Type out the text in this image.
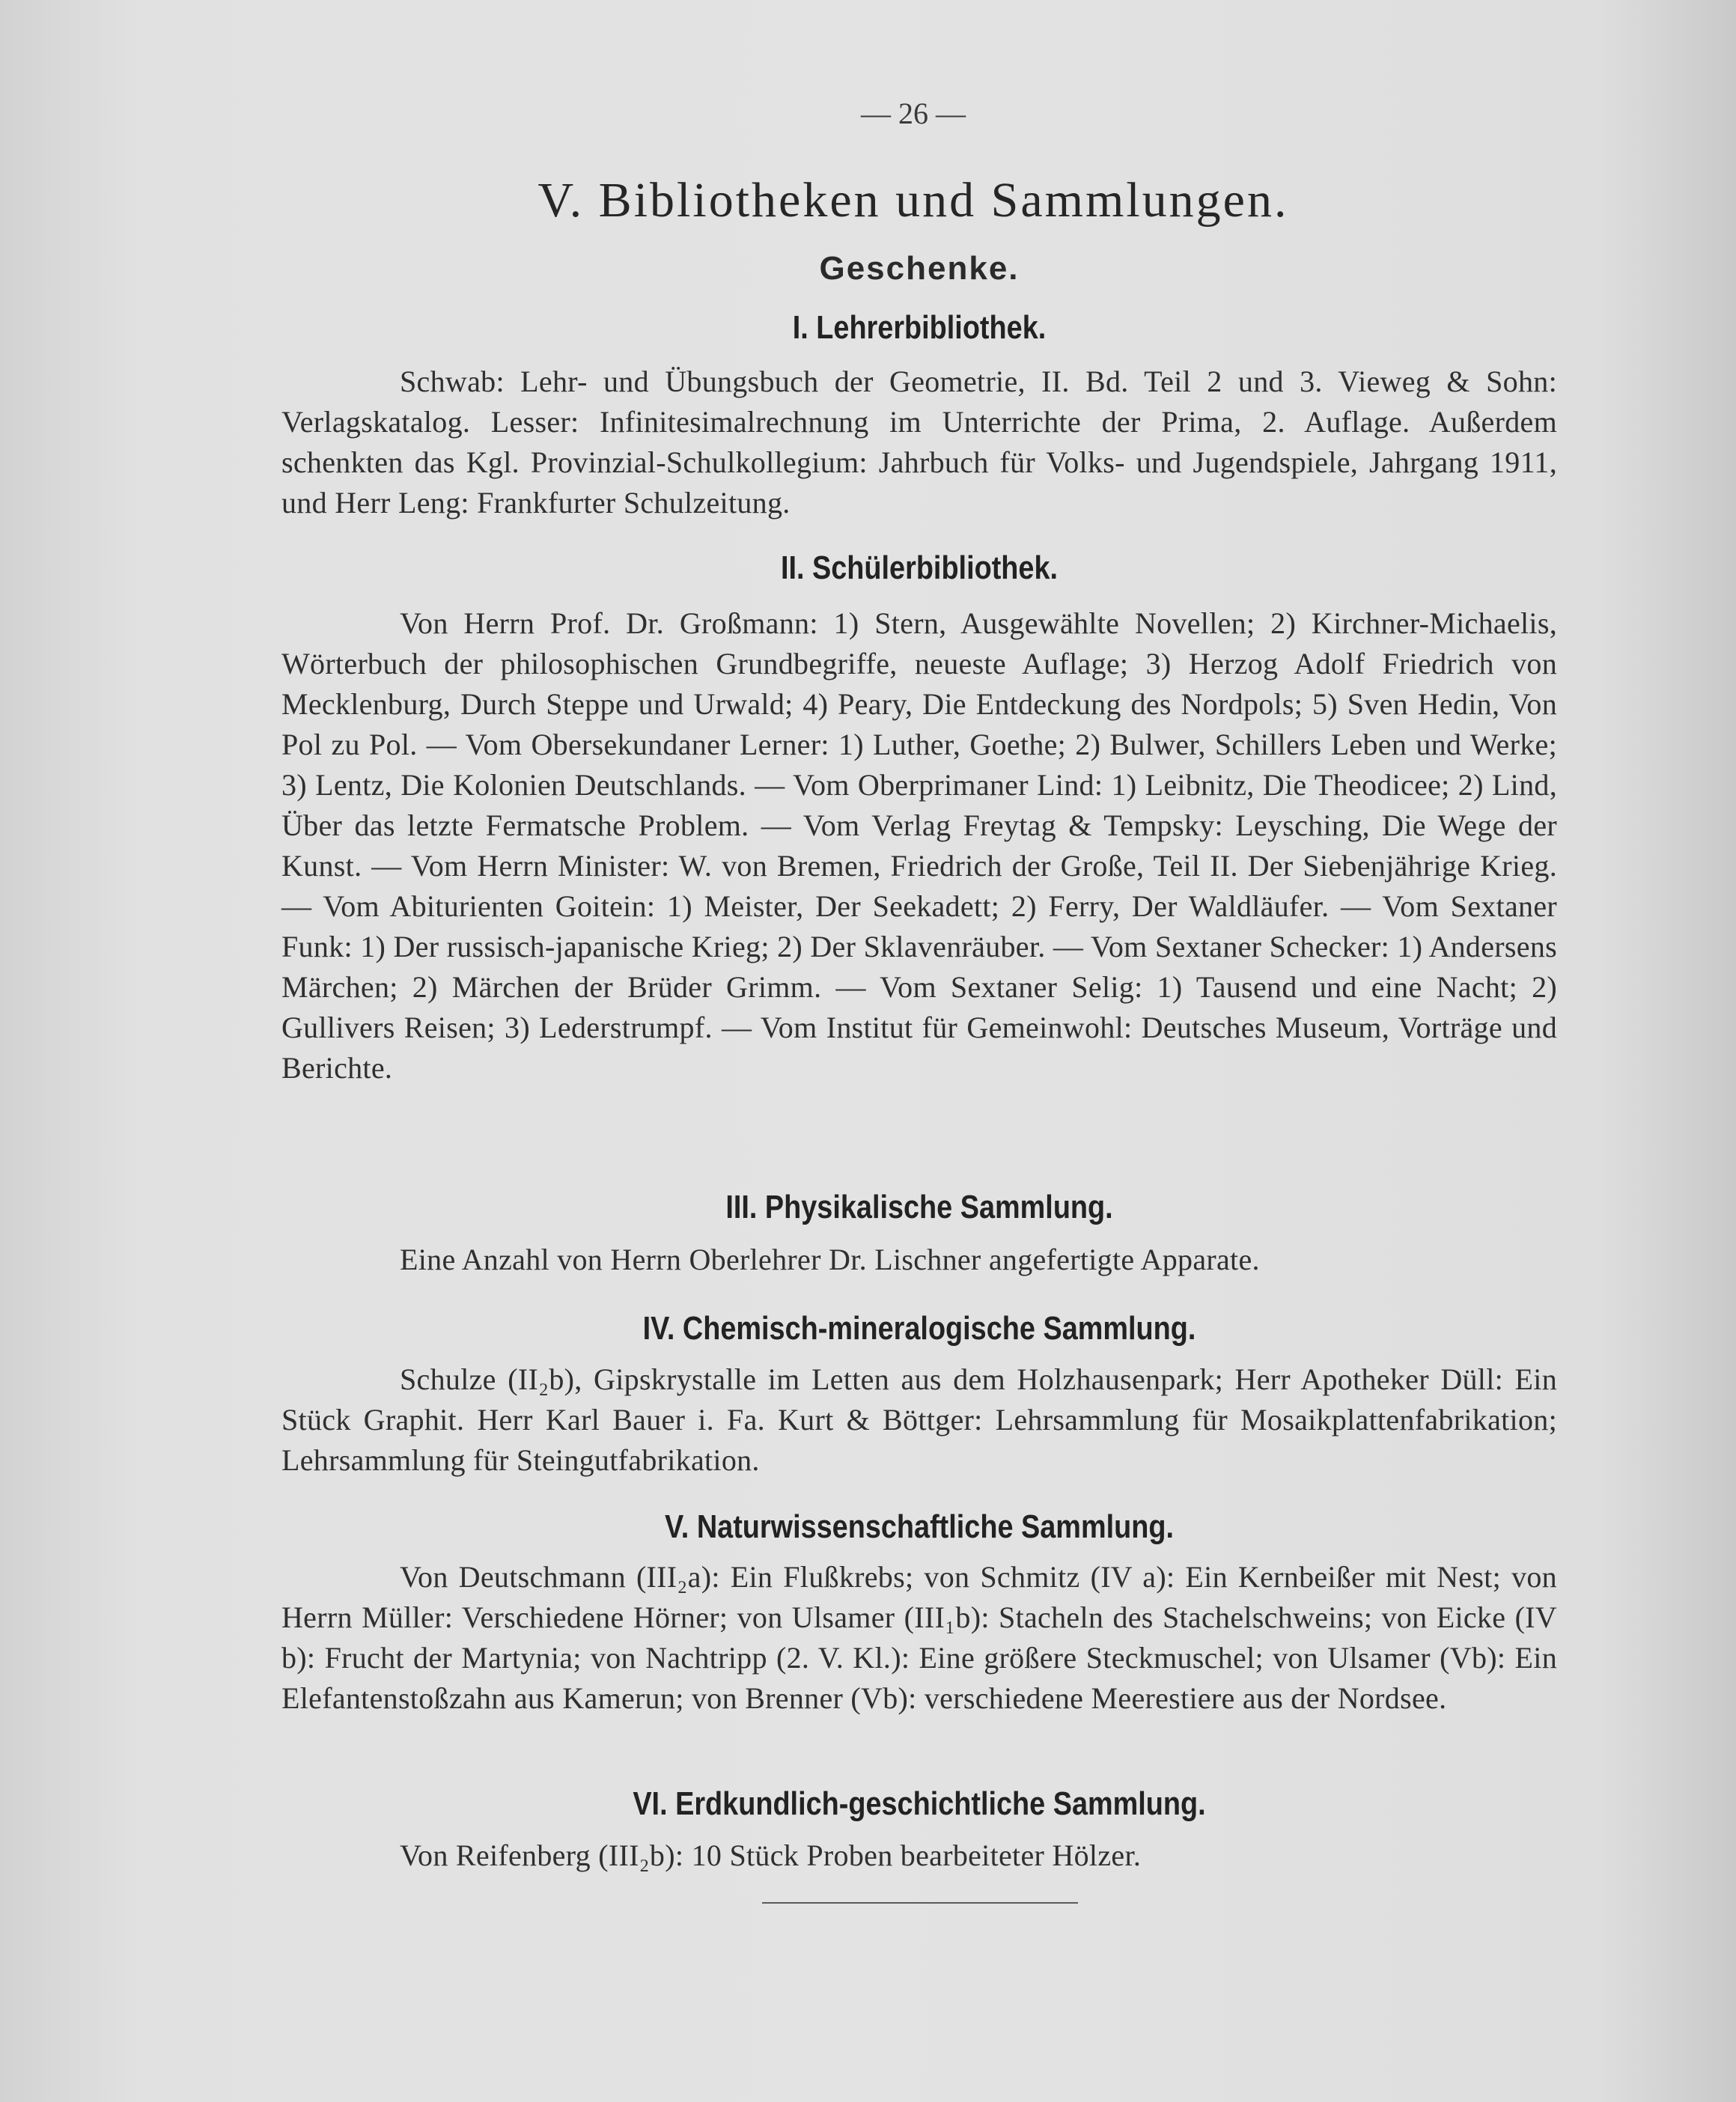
— 26 —
V. Bibliotheken und Sammlungen.
Geschenke.
I. Lehrerbibliothek.
Schwab: Lehr- und Übungsbuch der Geometrie, II. Bd. Teil 2 und 3. Vieweg & Sohn: Verlagskatalog. Lesser: Infinitesimalrechnung im Unterrichte der Prima, 2. Auflage. Außerdem schenkten das Kgl. Provinzial-Schulkollegium: Jahrbuch für Volks- und Jugendspiele, Jahrgang 1911, und Herr Leng: Frankfurter Schulzeitung.
II. Schülerbibliothek.
Von Herrn Prof. Dr. Großmann: 1) Stern, Ausgewählte Novellen; 2) Kirchner-Michaelis, Wörterbuch der philosophischen Grundbegriffe, neueste Auflage; 3) Herzog Adolf Friedrich von Mecklenburg, Durch Steppe und Urwald; 4) Peary, Die Entdeckung des Nordpols; 5) Sven Hedin, Von Pol zu Pol. — Vom Obersekundaner Lerner: 1) Luther, Goethe; 2) Bulwer, Schillers Leben und Werke; 3) Lentz, Die Kolonien Deutschlands. — Vom Oberprimaner Lind: 1) Leibnitz, Die Theodicee; 2) Lind, Über das letzte Fermatsche Problem. — Vom Verlag Freytag & Tempsky: Leysching, Die Wege der Kunst. — Vom Herrn Minister: W. von Bremen, Friedrich der Große, Teil II. Der Siebenjährige Krieg. — Vom Abiturienten Goitein: 1) Meister, Der Seekadett; 2) Ferry, Der Waldläufer. — Vom Sextaner Funk: 1) Der russisch-japanische Krieg; 2) Der Sklavenräuber. — Vom Sextaner Schecker: 1) Andersens Märchen; 2) Märchen der Brüder Grimm. — Vom Sextaner Selig: 1) Tausend und eine Nacht; 2) Gullivers Reisen; 3) Lederstrumpf. — Vom Institut für Gemeinwohl: Deutsches Museum, Vorträge und Berichte.
III. Physikalische Sammlung.
Eine Anzahl von Herrn Oberlehrer Dr. Lischner angefertigte Apparate.
IV. Chemisch-mineralogische Sammlung.
Schulze (II₂b), Gipskrystalle im Letten aus dem Holzhausenpark; Herr Apotheker Düll: Ein Stück Graphit. Herr Karl Bauer i. Fa. Kurt & Böttger: Lehrsammlung für Mosaikplattenfabrikation; Lehrsammlung für Steingutfabrikation.
V. Naturwissenschaftliche Sammlung.
Von Deutschmann (III₂a): Ein Flußkrebs; von Schmitz (IV a): Ein Kernbeißer mit Nest; von Herrn Müller: Verschiedene Hörner; von Ulsamer (III₁b): Stacheln des Stachelschweins; von Eicke (IV b): Frucht der Martynia; von Nachtripp (2. V. Kl.): Eine größere Steckmuschel; von Ulsamer (Vb): Ein Elefantenstoßzahn aus Kamerun; von Brenner (Vb): verschiedene Meerestiere aus der Nordsee.
VI. Erdkundlich-geschichtliche Sammlung.
Von Reifenberg (III₂b): 10 Stück Proben bearbeiteter Hölzer.
